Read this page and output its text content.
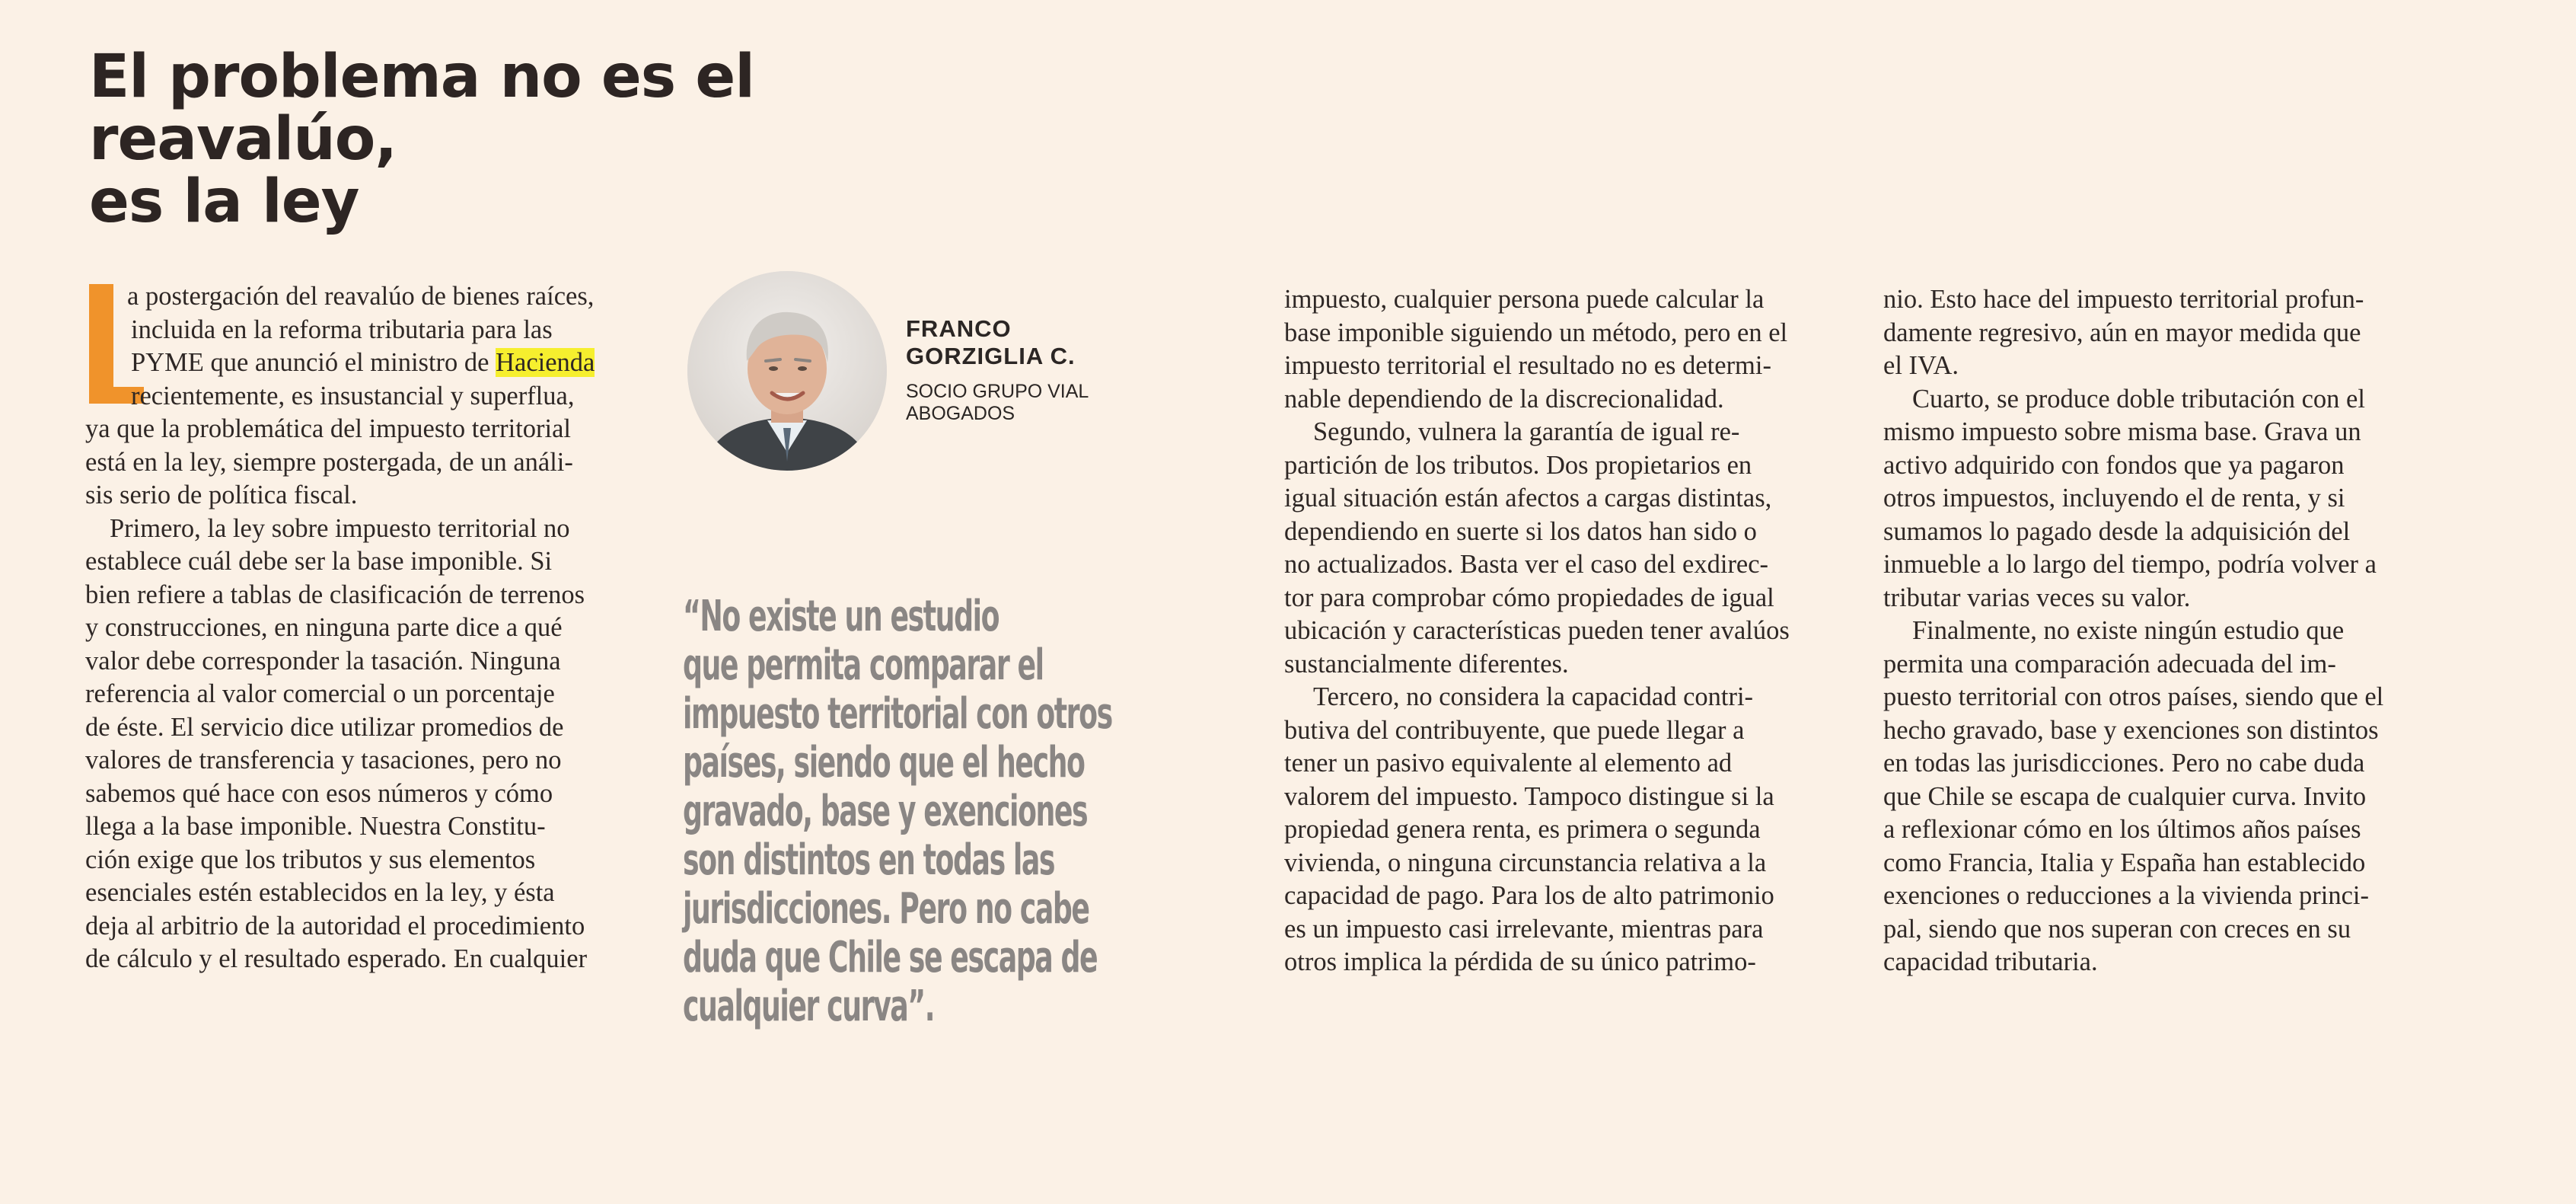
El problema no es el reavalúo,
es la ley
a postergación del reavalúo de bienes raíces,
incluida en la reforma tributaria para las
PYME que anunció el ministro de Hacienda
recientemente, es insustancial y superflua,
ya que la problemática del impuesto territorial
está en la ley, siempre postergada, de un análi-
sis serio de política fiscal.
Primero, la ley sobre impuesto territorial no
establece cuál debe ser la base imponible. Si
bien refiere a tablas de clasificación de terrenos
y construcciones, en ninguna parte dice a qué
valor debe corresponder la tasación. Ninguna
referencia al valor comercial o un porcentaje
de éste. El servicio dice utilizar promedios de
valores de transferencia y tasaciones, pero no
sabemos qué hace con esos números y cómo
llega a la base imponible. Nuestra Constitu-
ción exige que los tributos y sus elementos
esenciales estén establecidos en la ley, y ésta
deja al arbitrio de la autoridad el procedimiento
de cálculo y el resultado esperado. En cualquier
FRANCO
GORZIGLIA C.
SOCIO GRUPO VIAL
ABOGADOS
“No existe un estudio
que permita comparar el
impuesto territorial con otros
países, siendo que el hecho
gravado, base y exenciones
son distintos en todas las
jurisdicciones. Pero no cabe
duda que Chile se escapa de
cualquier curva”.
impuesto, cualquier persona puede calcular la
base imponible siguiendo un método, pero en el
impuesto territorial el resultado no es determi-
nable dependiendo de la discrecionalidad.
Segundo, vulnera la garantía de igual re-
partición de los tributos. Dos propietarios en
igual situación están afectos a cargas distintas,
dependiendo en suerte si los datos han sido o
no actualizados. Basta ver el caso del exdirec-
tor para comprobar cómo propiedades de igual
ubicación y características pueden tener avalúos
sustancialmente diferentes.
Tercero, no considera la capacidad contri-
butiva del contribuyente, que puede llegar a
tener un pasivo equivalente al elemento ad
valorem del impuesto. Tampoco distingue si la
propiedad genera renta, es primera o segunda
vivienda, o ninguna circunstancia relativa a la
capacidad de pago. Para los de alto patrimonio
es un impuesto casi irrelevante, mientras para
otros implica la pérdida de su único patrimo-
nio. Esto hace del impuesto territorial profun-
damente regresivo, aún en mayor medida que
el IVA.
Cuarto, se produce doble tributación con el
mismo impuesto sobre misma base. Grava un
activo adquirido con fondos que ya pagaron
otros impuestos, incluyendo el de renta, y si
sumamos lo pagado desde la adquisición del
inmueble a lo largo del tiempo, podría volver a
tributar varias veces su valor.
Finalmente, no existe ningún estudio que
permita una comparación adecuada del im-
puesto territorial con otros países, siendo que el
hecho gravado, base y exenciones son distintos
en todas las jurisdicciones. Pero no cabe duda
que Chile se escapa de cualquier curva. Invito
a reflexionar cómo en los últimos años países
como Francia, Italia y España han establecido
exenciones o reducciones a la vivienda princi-
pal, siendo que nos superan con creces en su
capacidad tributaria.
